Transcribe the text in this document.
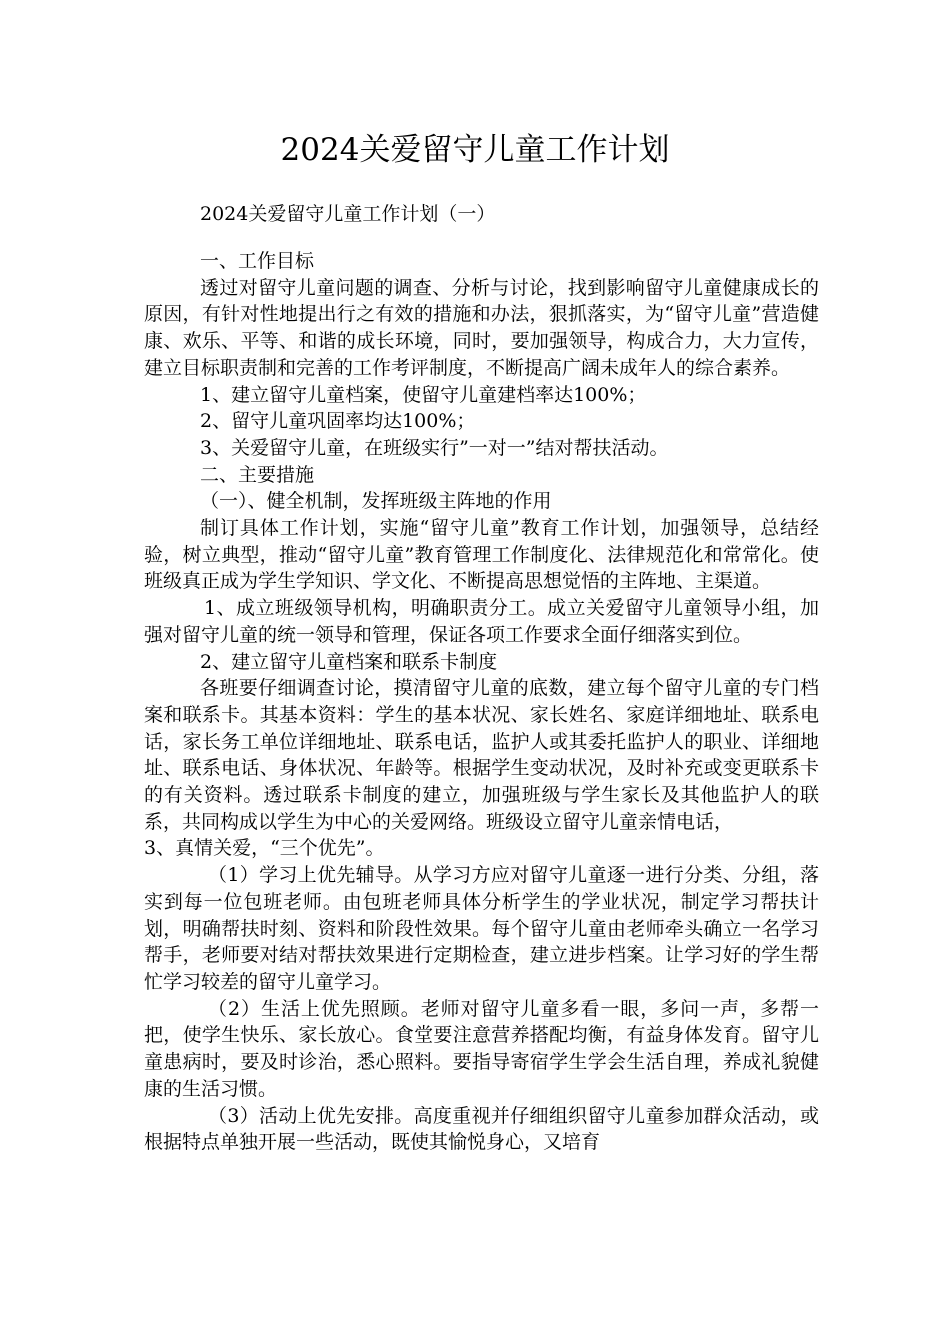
2024关爱留守儿童工作计划

2024关爱留守儿童工作计划（一）

一、工作目标

透过对留守儿童问题的调查、分析与讨论，找到影响留守儿童健康成长的原因，有针对性地提出行之有效的措施和办法，狠抓落实，为“留守儿童”营造健康、欢乐、平等、和谐的成长环境，同时，要加强领导，构成合力，大力宣传，建立目标职责制和完善的工作考评制度，不断提高广阔未成年人的综合素养。

1、建立留守儿童档案，使留守儿童建档率达100%；

2、留守儿童巩固率均达100%；

3、关爱留守儿童，在班级实行”一对一”结对帮扶活动。

二、主要措施

（一）、健全机制，发挥班级主阵地的作用

制订具体工作计划，实施“留守儿童”教育工作计划，加强领导，总结经验，树立典型，推动“留守儿童”教育管理工作制度化、法律规范化和常常化。使班级真正成为学生学知识、学文化、不断提高思想觉悟的主阵地、主渠道。

1、成立班级领导机构，明确职责分工。成立关爱留守儿童领导小组，加强对留守儿童的统一领导和管理，保证各项工作要求全面仔细落实到位。

2、建立留守儿童档案和联系卡制度

各班要仔细调查讨论，摸清留守儿童的底数，建立每个留守儿童的专门档案和联系卡。其基本资料：学生的基本状况、家长姓名、家庭详细地址、联系电话，家长务工单位详细地址、联系电话，监护人或其委托监护人的职业、详细地址、联系电话、身体状况、年龄等。根据学生变动状况，及时补充或变更联系卡的有关资料。透过联系卡制度的建立，加强班级与学生家长及其他监护人的联系，共同构成以学生为中心的关爱网络。班级设立留守儿童亲情电话，

3、真情关爱，“三个优先”。

（1）学习上优先辅导。从学习方应对留守儿童逐一进行分类、分组，落实到每一位包班老师。由包班老师具体分析学生的学业状况，制定学习帮扶计划，明确帮扶时刻、资料和阶段性效果。每个留守儿童由老师牵头确立一名学习帮手，老师要对结对帮扶效果进行定期检查，建立进步档案。让学习好的学生帮忙学习较差的留守儿童学习。

（2）生活上优先照顾。老师对留守儿童多看一眼，多问一声，多帮一把，使学生快乐、家长放心。食堂要注意营养搭配均衡，有益身体发育。留守儿童患病时，要及时诊治，悉心照料。要指导寄宿学生学会生活自理，养成礼貌健康的生活习惯。

（3）活动上优先安排。高度重视并仔细组织留守儿童参加群众活动，或根据特点单独开展一些活动，既使其愉悦身心，又培育
